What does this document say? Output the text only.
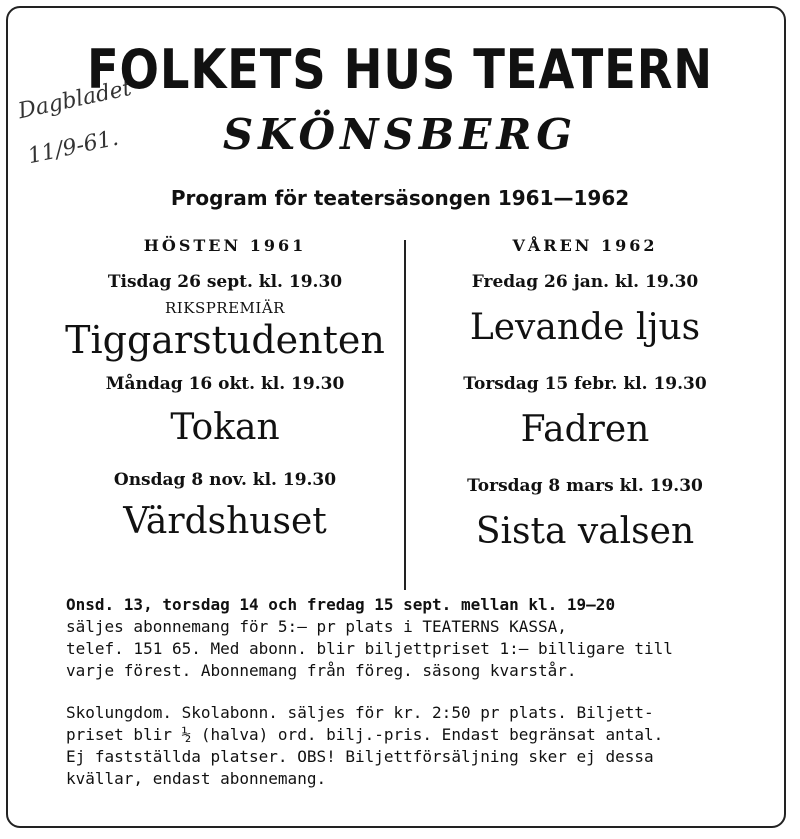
Dagbladet
11/9-61.
FOLKETS HUS TEATERN
SKÖNSBERG
Program för teatersäsongen 1961—1962
HÖSTEN 1961

Tisdag 26 sept. kl. 19.30

RIKSPREMIÄR

Tiggarstudenten

Måndag 16 okt. kl. 19.30

Tokan

Onsdag 8 nov. kl. 19.30

Värdshuset

VÅREN 1962

Fredag 26 jan. kl. 19.30

Levande ljus

Torsdag 15 febr. kl. 19.30

Fadren

Torsdag 8 mars kl. 19.30

Sista valsen

Onsd. 13, torsdag 14 och fredag 15 sept. mellan kl. 19—20

säljes abonnemang för 5:— pr plats i TEATERNS KASSA,

telef. 151 65. Med abonn. blir biljettpriset 1:— billigare till

varje förest. Abonnemang från föreg. säsong kvarstår.

Skolungdom. Skolabonn. säljes för kr. 2:50 pr plats. Biljett-

priset blir ½ (halva) ord. bilj.-pris. Endast begränsat antal.

Ej fastställda platser. OBS! Biljettförsäljning sker ej dessa

kvällar, endast abonnemang.
